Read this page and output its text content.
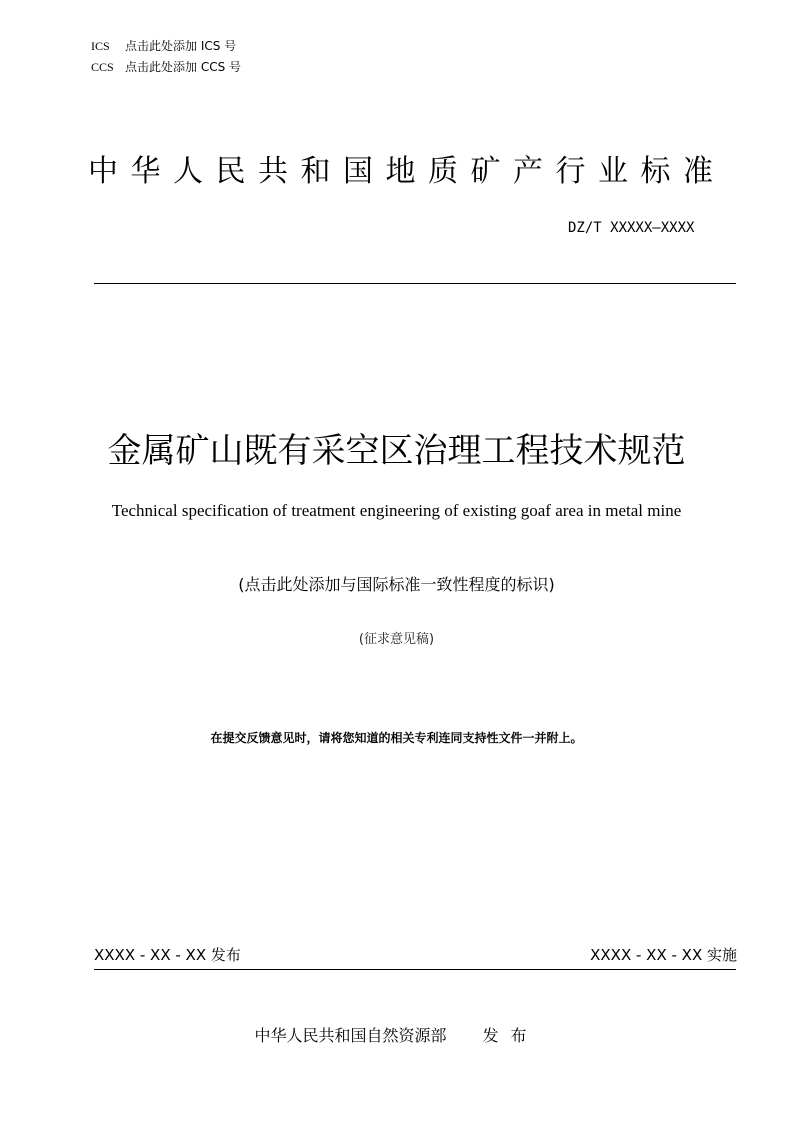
ICS 点击此处添加 ICS 号
CCS 点击此处添加 CCS 号
中华人民共和国地质矿产行业标准
DZ/T XXXXX—XXXX
金属矿山既有采空区治理工程技术规范
Technical specification of treatment engineering of existing goaf area in metal mine
(点击此处添加与国际标准一致性程度的标识)
(征求意见稿)
在提交反馈意见时，请将您知道的相关专利连同支持性文件一并附上。
XXXX - XX - XX 发布	XXXX - XX - XX 实施
中华人民共和国自然资源部 发布
